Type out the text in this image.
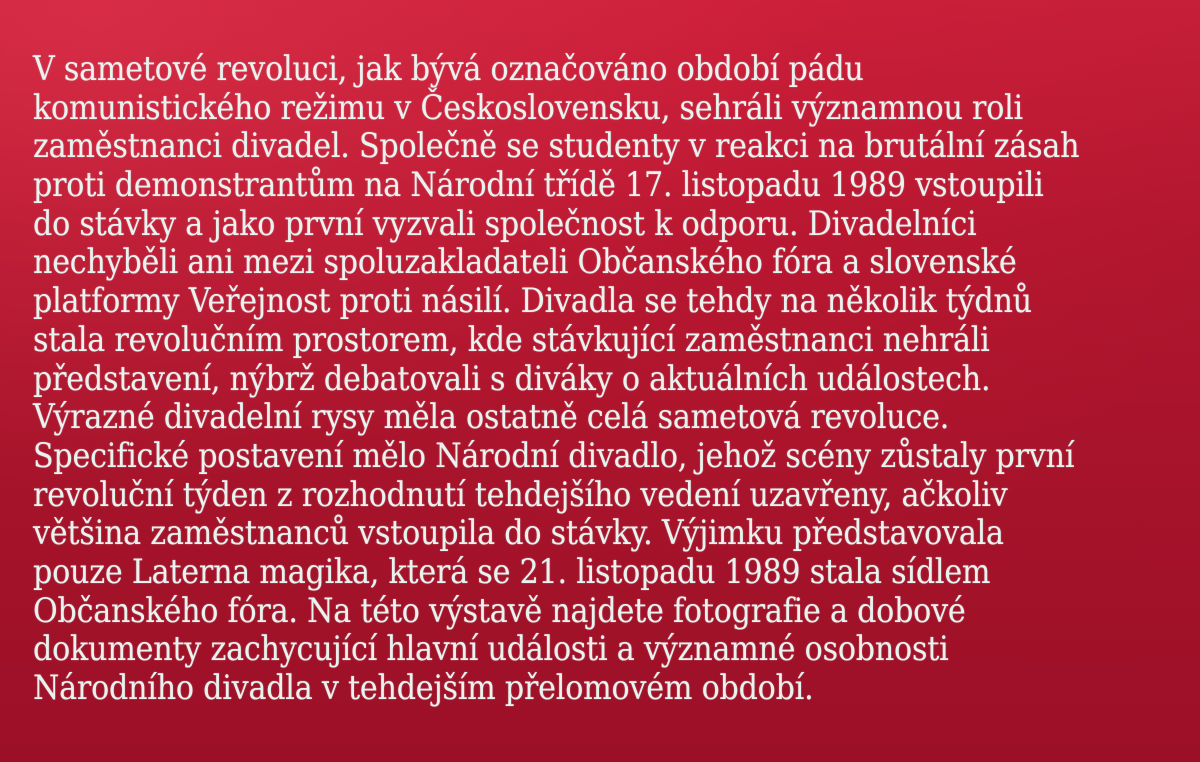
V sametové revoluci, jak bývá označováno období pádu
komunistického režimu v Československu, sehráli významnou roli
zaměstnanci divadel. Společně se studenty v reakci na brutální zásah
proti demonstrantům na Národní třídě 17. listopadu 1989 vstoupili
do stávky a jako první vyzvali společnost k odporu. Divadelníci
nechyběli ani mezi spoluzakladateli Občanského fóra a slovenské
platformy Veřejnost proti násilí. Divadla se tehdy na několik týdnů
stala revolučním prostorem, kde stávkující zaměstnanci nehráli
představení, nýbrž debatovali s diváky o aktuálních událostech.
Výrazné divadelní rysy měla ostatně celá sametová revoluce.
Specifické postavení mělo Národní divadlo, jehož scény zůstaly první
revoluční týden z rozhodnutí tehdejšího vedení uzavřeny, ačkoliv
většina zaměstnanců vstoupila do stávky. Výjimku představovala
pouze Laterna magika, která se 21. listopadu 1989 stala sídlem
Občanského fóra. Na této výstavě najdete fotografie a dobové
dokumenty zachycující hlavní události a významné osobnosti
Národního divadla v tehdejším přelomovém období.
